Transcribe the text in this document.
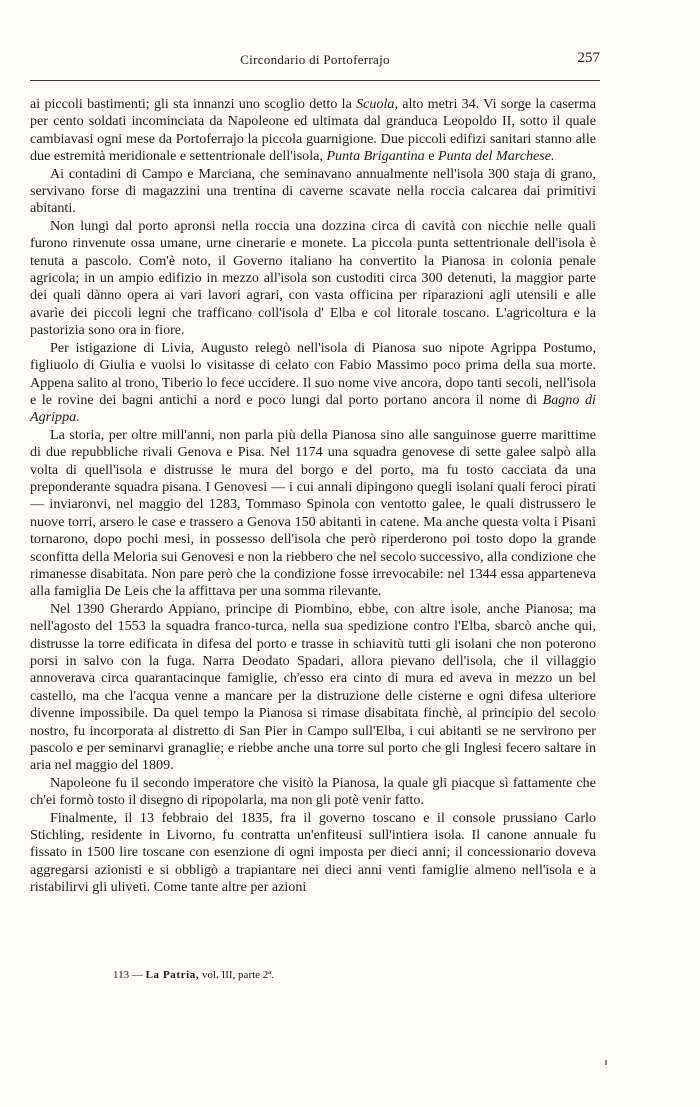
Circondario di Portoferrajo	257

ai piccoli bastimenti; gli sta innanzi uno scoglio detto la Scuola, alto metri 34. Vi sorge la caserma per cento soldati incominciata da Napoleone ed ultimata dal granduca Leopoldo II, sotto il quale cambiavasi ogni mese da Portoferrajo la piccola guarnigione. Due piccoli edifizi sanitari stanno alle due estremità meridionale e settentrionale dell'isola, Punta Brigantina e Punta del Marchese.

Ai contadini di Campo e Marciana, che seminavano annualmente nell'isola 300 staja di grano, servivano forse di magazzini una trentina di caverne scavate nella roccia calcarea dai primitivi abitanti.

Non lungi dal porto apronsi nella roccia una dozzina circa di cavità con nicchie nelle quali furono rinvenute ossa umane, urne cinerarie e monete. La piccola punta settentrionale dell'isola è tenuta a pascolo. Com'è noto, il Governo italiano ha convertito la Pianosa in colonia penale agricola; in un ampio edifizio in mezzo all'isola son custoditi circa 300 detenuti, la maggior parte dei quali dànno opera ai vari lavori agrari, con vasta officina per riparazioni agli utensili e alle avarìe dei piccoli legni che trafficano coll'isola d' Elba e col litorale toscano. L'agricoltura e la pastorizia sono ora in fiore.

Per istigazione di Livia, Augusto relegò nell'isola di Pianosa suo nipote Agrippa Postumo, figliuolo di Giulia e vuolsi lo visitasse di celato con Fabio Massimo poco prima della sua morte. Appena salito al trono, Tiberio lo fece uccidere. Il suo nome vive ancora, dopo tanti secoli, nell'isola e le rovine dei bagni antichi a nord e poco lungi dal porto portano ancora il nome di Bagno di Agrippa.

La storia, per oltre mill'anni, non parla più della Pianosa sino alle sanguinose guerre marittime di due repubbliche rivali Genova e Pisa. Nel 1174 una squadra genovese di sette galee salpò alla volta di quell'isola e distrusse le mura del borgo e del porto, ma fu tosto cacciata da una preponderante squadra pisana. I Genovesi — i cui annali dipingono quegli isolani quali feroci pirati — inviaronvi, nel maggio del 1283, Tommaso Spinola con ventotto galee, le quali distrussero le nuove torri, arsero le case e trassero a Genova 150 abitanti in catene. Ma anche questa volta i Pisani tornarono, dopo pochi mesi, in possesso dell'isola che però riperderono poi tosto dopo la grande sconfitta della Meloria sui Genovesi e non la riebbero che nel secolo successivo, alla condizione che rimanesse disabitata. Non pare però che la condizione fosse irrevocabile: nel 1344 essa apparteneva alla famiglia De Leis che la affittava per una somma rilevante.

Nel 1390 Gherardo Appiano, principe di Piombino, ebbe, con altre isole, anche Pianosa; ma nell'agosto del 1553 la squadra franco-turca, nella sua spedizione contro l'Elba, sbarcò anche qui, distrusse la torre edificata in difesa del porto e trasse in schiavitù tutti gli isolani che non poterono porsi in salvo con la fuga. Narra Deodato Spadari, allora pievano dell'isola, che il villaggio annoverava circa quarantacinque famiglie, ch'esso era cinto di mura ed aveva in mezzo un bel castello, ma che l'acqua venne a mancare per la distruzione delle cisterne e ogni difesa ulteriore divenne impossibile. Da quel tempo la Pianosa si rimase disabitata finchè, al principio del secolo nostro, fu incorporata al distretto di San Pier in Campo sull'Elba, i cui abitanti se ne servirono per pascolo e per seminarvi granaglie; e riebbe anche una torre sul porto che gli Inglesi fecero saltare in aria nel maggio del 1809.

Napoleone fu il secondo imperatore che visitò la Pianosa, la quale gli piacque sì fattamente che ch'ei formò tosto il disegno di ripopolarla, ma non gli potè venir fatto.

Finalmente, il 13 febbraio del 1835, fra il governo toscano e il console prussiano Carlo Stichling, residente in Livorno, fu contratta un'enfiteusi sull'intiera isola. Il canone annuale fu fissato in 1500 lire toscane con esenzione di ogni imposta per dieci anni; il concessionario doveva aggregarsi azionisti e si obbligò a trapiantare nei dieci anni venti famiglie almeno nell'isola e a ristabilirvi gli uliveti. Come tante altre per azioni

113 — La Patria, vol. III, parte 2ª.
